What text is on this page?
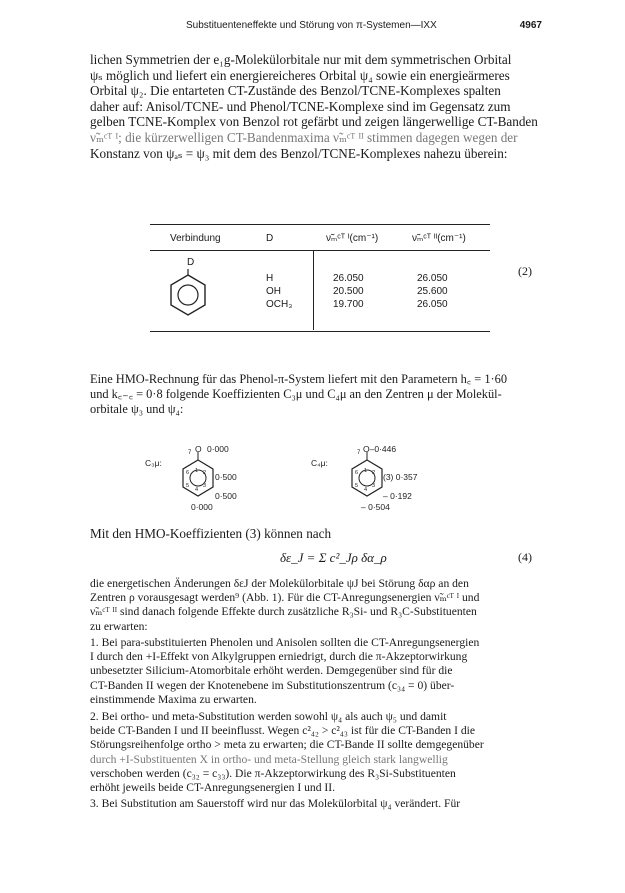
Substituenteneffekte und Störung von π-Systemen—IXX	4967
lichen Symmetrien der e₁g-Molekülorbitale nur mit dem symmetrischen Orbital
ψₛ möglich und liefert ein energiereicheres Orbital ψ₄ sowie ein energieärmeres
Orbital ψ₂. Die entarteten CT-Zustände des Benzol/TCNE-Komplexes spalten
daher auf: Anisol/TCNE- und Phenol/TCNE-Komplexe sind im Gegensatz zum
gelben TCNE-Komplex von Benzol rot gefärbt und zeigen längerwellige CT-Banden
ν̃ₘᶜᵀ ᴵ; die kürzerwelligen CT-Bandenmaxima ν̃ₘᶜᵀ ᴵᴵ stimmen dagegen wegen der
Konstanz von ψₐₛ = ψ₃ mit dem des Benzol/TCNE-Komplexes nahezu überein:
Verbindung	D	ν̃ₘᶜᵀ ᴵ(cm⁻¹)	ν̃ₘᶜᵀ ᴵᴵ(cm⁻¹)
D
H	26.050	26.050
OH	20.500	25.600
OCH₃	19.700	26.050
(2)
Eine HMO-Rechnung für das Phenol-π-System liefert mit den Parametern h꜀ = 1·60
und k꜀₋꜀ = 0·8 folgende Koeffizienten C₃μ und C₄μ an den Zentren μ der Molekül-
orbitale ψ₃ und ψ₄:
C₃μ:
O
7 0·000
0·500
0·500
0·000
1 2
3
4
5
6
C₄μ:
7 O–0·446
(3) 0·357
– 0·192
– 0·504
1 2
3
4
5
6
Mit den HMO-Koeffizienten (3) können nach
δε_J = Σ c²_Jρ δα_ρ	(4)
die energetischen Änderungen δεJ der Molekülorbitale ψJ bei Störung δαρ an den
Zentren ρ vorausgesagt werden⁹ (Abb. 1). Für die CT-Anregungsenergien ν̃ₘᶜᵀ ᴵ und
ν̃ₘᶜᵀ ᴵᴵ sind danach folgende Effekte durch zusätzliche R₃Si- und R₃C-Substituenten
zu erwarten:
1. Bei para-substituierten Phenolen und Anisolen sollten die CT-Anregungsenergien
I durch den +I-Effekt von Alkylgruppen erniedrigt, durch die π-Akzeptorwirkung
unbesetzter Silicium-Atomorbitale erhöht werden. Demgegenüber sind für die
CT-Banden II wegen der Knotenebene im Substitutionszentrum (c₃₄ = 0) über-
einstimmende Maxima zu erwarten.
2. Bei ortho- und meta-Substitution werden sowohl ψ₄ als auch ψ₅ und damit
beide CT-Banden I und II beeinflusst. Wegen c²₄₂ > c²₄₃ ist für die CT-Banden I die
Störungsreihenfolge ortho > meta zu erwarten; die CT-Bande II sollte demgegenüber
durch +I-Substituenten X in ortho- und meta-Stellung gleich stark langwellig
verschoben werden (c₃₂ = c₃₃). Die π-Akzeptorwirkung des R₃Si-Substituenten
erhöht jeweils beide CT-Anregungsenergien I und II.
3. Bei Substitution am Sauerstoff wird nur das Molekülorbital ψ₄ verändert. Für
